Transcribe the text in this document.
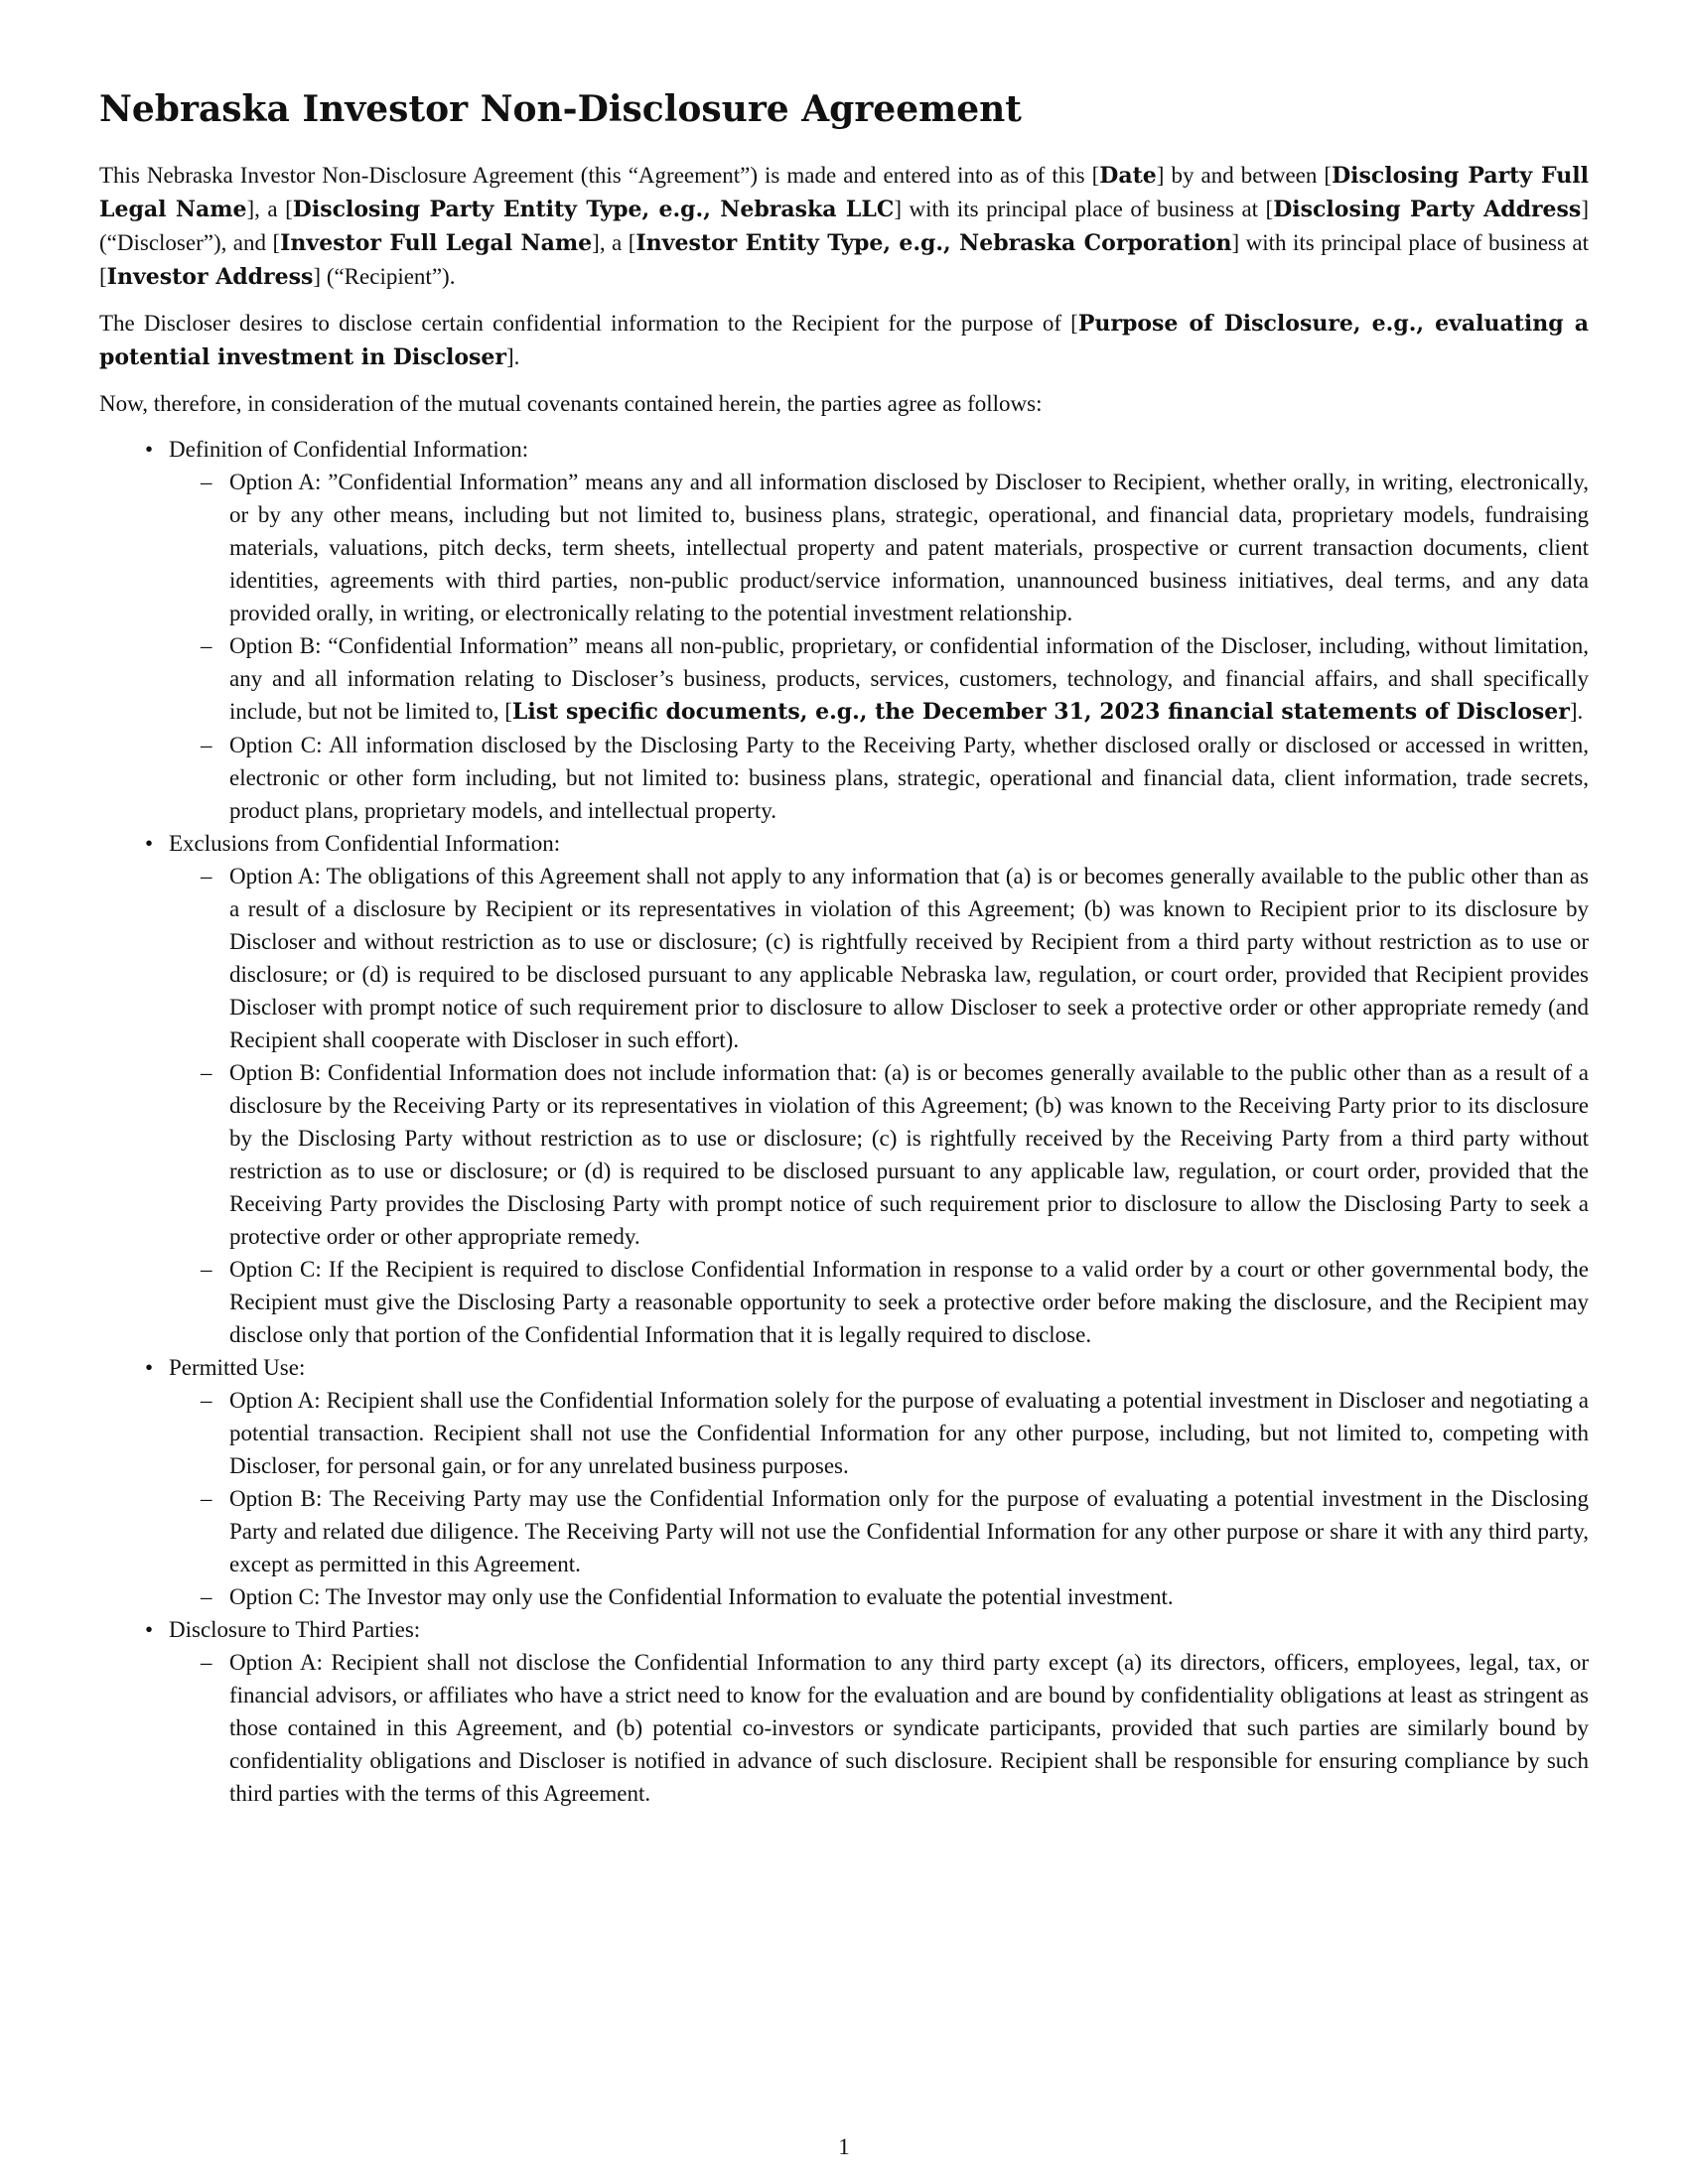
Nebraska Investor Non-Disclosure Agreement

This Nebraska Investor Non-Disclosure Agreement (this “Agreement”) is made and entered into as of this [Date] by and between [Disclosing Party Full Legal Name], a [Disclosing Party Entity Type, e.g., Nebraska LLC] with its principal place of business at [Disclosing Party Address] (“Discloser”), and [Investor Full Legal Name], a [Investor Entity Type, e.g., Nebraska Corporation] with its principal place of business at [Investor Address] (“Recipient”).

The Discloser desires to disclose certain confidential information to the Recipient for the purpose of [Purpose of Disclosure, e.g., evaluating a potential investment in Discloser].

Now, therefore, in consideration of the mutual covenants contained herein, the parties agree as follows:

• Definition of Confidential Information:
– Option A: ”Confidential Information” means any and all information disclosed by Discloser to Recipient, whether orally, in writing, electronically, or by any other means, including but not limited to, business plans, strategic, operational, and financial data, proprietary models, fundraising materials, valuations, pitch decks, term sheets, intellectual property and patent materials, prospective or current transaction documents, client identities, agreements with third parties, non-public product/service information, unannounced business initiatives, deal terms, and any data provided orally, in writing, or electronically relating to the potential investment relationship.
– Option B: “Confidential Information” means all non-public, proprietary, or confidential information of the Discloser, including, without limitation, any and all information relating to Discloser’s business, products, services, customers, technology, and financial affairs, and shall specifically include, but not be limited to, [List specific documents, e.g., the December 31, 2023 financial statements of Discloser].
– Option C: All information disclosed by the Disclosing Party to the Receiving Party, whether disclosed orally or disclosed or accessed in written, electronic or other form including, but not limited to: business plans, strategic, operational and financial data, client information, trade secrets, product plans, proprietary models, and intellectual property.
• Exclusions from Confidential Information:
– Option A: The obligations of this Agreement shall not apply to any information that (a) is or becomes generally available to the public other than as a result of a disclosure by Recipient or its representatives in violation of this Agreement; (b) was known to Recipient prior to its disclosure by Discloser and without restriction as to use or disclosure; (c) is rightfully received by Recipient from a third party without restriction as to use or disclosure; or (d) is required to be disclosed pursuant to any applicable Nebraska law, regulation, or court order, provided that Recipient provides Discloser with prompt notice of such requirement prior to disclosure to allow Discloser to seek a protective order or other appropriate remedy (and Recipient shall cooperate with Discloser in such effort).
– Option B: Confidential Information does not include information that: (a) is or becomes generally available to the public other than as a result of a disclosure by the Receiving Party or its representatives in violation of this Agreement; (b) was known to the Receiving Party prior to its disclosure by the Disclosing Party without restriction as to use or disclosure; (c) is rightfully received by the Receiving Party from a third party without restriction as to use or disclosure; or (d) is required to be disclosed pursuant to any applicable law, regulation, or court order, provided that the Receiving Party provides the Disclosing Party with prompt notice of such requirement prior to disclosure to allow the Disclosing Party to seek a protective order or other appropriate remedy.
– Option C: If the Recipient is required to disclose Confidential Information in response to a valid order by a court or other governmental body, the Recipient must give the Disclosing Party a reasonable opportunity to seek a protective order before making the disclosure, and the Recipient may disclose only that portion of the Confidential Information that it is legally required to disclose.
• Permitted Use:
– Option A: Recipient shall use the Confidential Information solely for the purpose of evaluating a potential investment in Discloser and negotiating a potential transaction. Recipient shall not use the Confidential Information for any other purpose, including, but not limited to, competing with Discloser, for personal gain, or for any unrelated business purposes.
– Option B: The Receiving Party may use the Confidential Information only for the purpose of evaluating a potential investment in the Disclosing Party and related due diligence. The Receiving Party will not use the Confidential Information for any other purpose or share it with any third party, except as permitted in this Agreement.
– Option C: The Investor may only use the Confidential Information to evaluate the potential investment.
• Disclosure to Third Parties:
– Option A: Recipient shall not disclose the Confidential Information to any third party except (a) its directors, officers, employees, legal, tax, or financial advisors, or affiliates who have a strict need to know for the evaluation and are bound by confidentiality obligations at least as stringent as those contained in this Agreement, and (b) potential co-investors or syndicate participants, provided that such parties are similarly bound by confidentiality obligations and Discloser is notified in advance of such disclosure. Recipient shall be responsible for ensuring compliance by such third parties with the terms of this Agreement.
1
